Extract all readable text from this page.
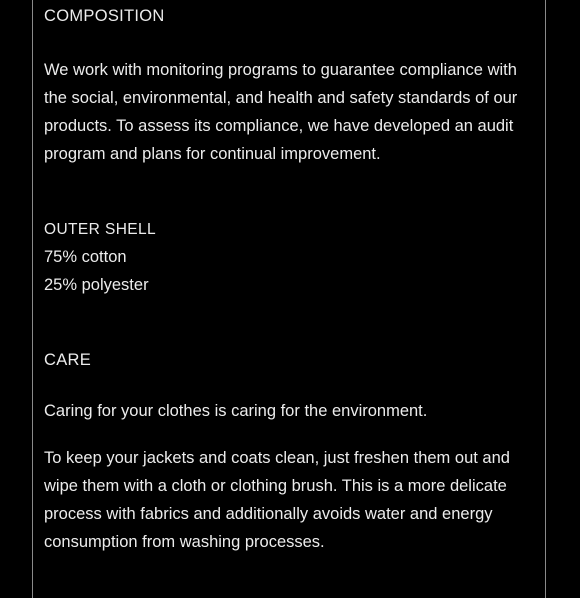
COMPOSITION

We work with monitoring programs to guarantee compliance with the social, environmental, and health and safety standards of our products. To assess its compliance, we have developed an audit program and plans for continual improvement.

OUTER SHELL
75% cotton
25% polyester
CARE

Caring for your clothes is caring for the environment.

To keep your jackets and coats clean, just freshen them out and wipe them with a cloth or clothing brush. This is a more delicate process with fabrics and additionally avoids water and energy consumption from washing processes.
